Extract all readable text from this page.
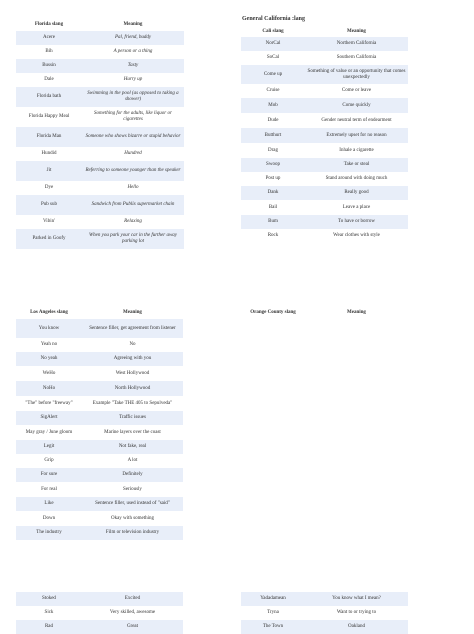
Florida slang	Meaning
Acere	Pal, friend, buddy
Bih	A person or a thing
Bussin	Tasty
Dale	Hurry up
Florida bath	Swimming in the pool (as opposed to taking a shower)
Florida Happy Meal	Something for the adults, like liquor or cigarettes
Florida Man	Someone who shows bizarre or stupid behavior
Hundid	Hundred
Jit	Referring to someone younger than the speaker
Dye	Hello
Pub sub	Sandwich from Publix supermarket chain
Vibin'	Relaxing
Parked in Goofy	When you park your car in the further away parking lot
General California :lang
Cali slang	Meaning
NorCal	Northern California
SoCal	Southern California
Come up	Something of value or an opportunity that comes unexpectedly
Cruise	Come or leave
Mob	Come quickly
Dude	Gender neutral term of endearment
Butthurt	Extremely upset for no reason
Drag	Inhale a cigarette
Swoop	Take or steal
Post up	Stand around with doing much
Dank	Really good
Bail	Leave a place
Bum	To have or borrow
Rock	Wear clothes with style
Los Angeles slang	Meaning
You know	Sentence filler, get agreement from listener
Yeah no	No
No yeah	Agreeing with you
WeHo	West Hollywood
NoHo	North Hollywood
"The" before "freeway"	Example "Take THE 405 to Sepulveda"
SigAlert	Traffic issues
May gray / June gloom	Marine layers over the coast
Legit	Not fake, real
Grip	A lot
For sure	Definitely
For real	Seriously
Like	Sentence filler, used instead of "said"
Down	Okay with something
The industry	Film or television industry
Orange County slang	Meaning
Stoked	Excited
Sick	Very skilled, awesome
Rad	Great
Yadadamean	You know what I mean?
Tryna	Want to or trying to
The Town	Oakland
